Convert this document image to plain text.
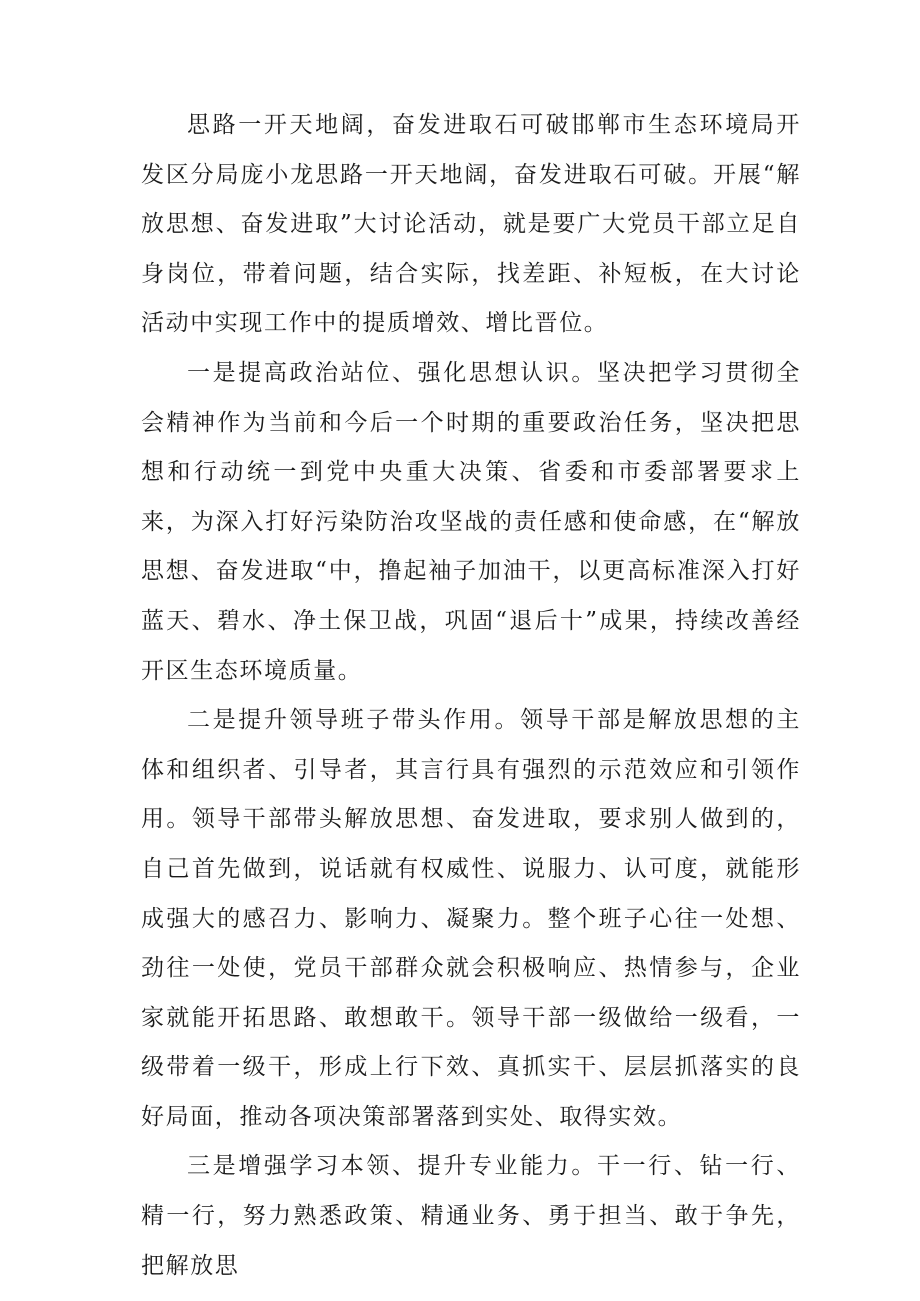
思路一开天地阔，奋发进取石可破邯郸市生态环境局开发区分局庞小龙思路一开天地阔，奋发进取石可破。开展“解放思想、奋发进取”大讨论活动，就是要广大党员干部立足自身岗位，带着问题，结合实际，找差距、补短板，在大讨论活动中实现工作中的提质增效、增比晋位。

一是提高政治站位、强化思想认识。坚决把学习贯彻全会精神作为当前和今后一个时期的重要政治任务，坚决把思想和行动统一到党中央重大决策、省委和市委部署要求上来，为深入打好污染防治攻坚战的责任感和使命感，在“解放思想、奋发进取“中，撸起袖子加油干，以更高标准深入打好蓝天、碧水、净土保卫战，巩固“退后十”成果，持续改善经开区生态环境质量。

二是提升领导班子带头作用。领导干部是解放思想的主体和组织者、引导者，其言行具有强烈的示范效应和引领作用。领导干部带头解放思想、奋发进取，要求别人做到的，自己首先做到，说话就有权威性、说服力、认可度，就能形成强大的感召力、影响力、凝聚力。整个班子心往一处想、劲往一处使，党员干部群众就会积极响应、热情参与，企业家就能开拓思路、敢想敢干。领导干部一级做给一级看，一级带着一级干，形成上行下效、真抓实干、层层抓落实的良好局面，推动各项决策部署落到实处、取得实效。

三是增强学习本领、提升专业能力。干一行、钻一行、精一行，努力熟悉政策、精通业务、勇于担当、敢于争先，把解放思
